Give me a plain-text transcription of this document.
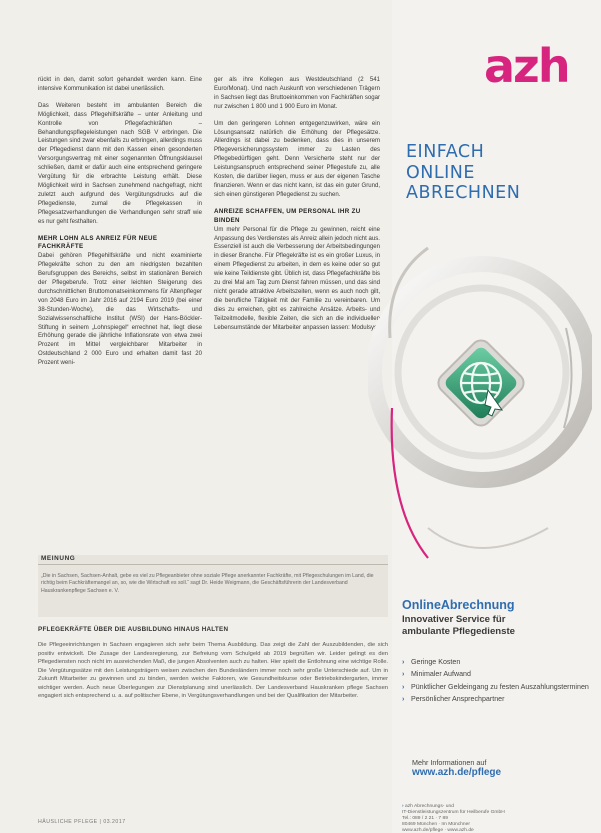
rückt in den, damit sofort gehandelt werden kann. Eine intensive Kommunikation ist dabei unerlässlich.

Das Weiteren besteht im ambulanten Bereich die Möglichkeit, dass Pflegehilfskräfte – unter Anleitung und Kontrolle von Pflegefachkräften – Behandlungspflegeleistungen nach SGB V erbringen. Die Leistungen sind zwar ebenfalls zu erbringen, allerdings muss der Pflegedienst dann mit den Kassen einen gesonderten Versorgungsvertrag mit einer sogenannten Öffnungsklausel schließen, damit er dafür auch eine entsprechend geringere Vergütung für die erbrachte Leistung erhält. Diese Möglichkeit wird in Sachsen zunehmend nachgefragt, nicht zuletzt auch aufgrund des Vergütungsdrucks auf die Pflegedienste, zumal die Pflegekassen in Pflegesatzverhandlungen die Verhandlungen sehr straff wie es nur geht festhalten.

MEHR LOHN ALS ANREIZ FÜR NEUE FACHKRÄFTE

Dabei gehören Pflegehilfskräfte und nicht examinierte Pflegekräfte schon zu den am niedrigsten bezahlten Berufsgruppen des Bereichs, selbst im stationären Bereich der Pflegeberufe. Trotz einer leichten Steigerung des durchschnittlichen Bruttomonatseinkommens für Altenpfleger von 2048 Euro im Jahr 2016 auf 2194 Euro 2019 (bei einer 38-Stunden-Woche), die das Wirtschafts- und Sozialwissenschaftliche Institut (WSI) der Hans-Böckler-Stiftung in seinem „Lohnspiegel“ errechnet hat, liegt diese Erhöhung gerade die jährliche Inflationsrate von etwa zwei Prozent im Mittel vergleichbarer Mitarbeiter in Ostdeutschland 2 000 Euro und erhalten damit fast 20 Prozent weni-

ger als ihre Kollegen aus Westdeutschland (2 541 Euro/Monat). Und nach Auskunft von verschiedenen Trägern in Sachsen liegt das Bruttoeinkommen von Fachkräften sogar nur zwischen 1 800 und 1 900 Euro im Monat.

Um den geringeren Lohnen entgegenzuwirken, wäre ein Lösungsansatz natürlich die Erhöhung der Pflegesätze. Allerdings ist dabei zu bedenken, dass dies in unserem Pflegeversicherungssystem immer zu Lasten des Pflegebedürftigen geht. Denn Versicherte steht nur der Leistungsanspruch entsprechend seiner Pflegestufe zu, alle Kosten, die darüber liegen, muss er aus der eigenen Tasche finanzieren. Wenn er das nicht kann, ist das ein guter Grund, sich einen günstigeren Pflegedienst zu suchen.

ANREIZE SCHAFFEN, UM PERSONAL IHR ZU BINDEN

Um mehr Personal für die Pflege zu gewinnen, reicht eine Anpassung des Verdienstes als Anreiz allein jedoch nicht aus. Essenziell ist auch die Verbesserung der Arbeitsbedingungen in dieser Branche. Für Pflegekräfte ist es ein großer Luxus, in einem Pflegedienst zu arbeiten, in dem es keine oder so gut wie keine Teildienste gibt. Üblich ist, dass Pflegefachkräfte bis zu drei Mal am Tag zum Dienst fahren müssen, und das sind nicht gerade attraktive Arbeitszeiten, wenn es auch noch gilt, die berufliche Tätigkeit mit der Familie zu vereinbaren. Um dies zu erreichen, gibt es zahlreiche Ansätze. Arbeits- und Teilzeitmodelle, flexible Zeiten, die sich an die individuellen Lebensumstände der Mitarbeiter anpassen lassen: Modulsys-

azh
EINFACH
ONLINE
ABRECHNEN
OnlineAbrechnung
Innovativer Service für
ambulante Pflegedienste
› Geringe Kosten
› Minimaler Aufwand
› Pünktlicher Geldeingang zu festen Auszahlungsterminen
› Persönlicher Ansprechpartner
Mehr Informationen auf
www.azh.de/pflege
› azh Abrechnungs- und
IT-Dienstleistungszentrum für Heilberufe GmbH
Tel.: 089 / 2 21 · 7 89
80469 München · Im Münchner
www.azh.de/pflege · www.azh.de
MEINUNG

„Die in Sachsen, Sachsen-Anhalt, gebe es viel zu Pflegeanbieter ohne soziale Pflege anerkannter Fachkräfte, mit Pflegeschulungen im Land, die richtig beim Fachkräftemangel an, so, wie die Wirtschaft es soll.“ sagt Dr. Heide Weigmann, die Geschäftsführerin der Landesverband Hauskrankenpflege Sachsen e. V.

PFLEGEKRÄFTE ÜBER DIE AUSBILDUNG HINAUS HALTEN

Die Pflegeeinrichtungen in Sachsen engagieren sich sehr beim Thema Ausbildung. Das zeigt die Zahl der Auszubildenden, die sich positiv entwickelt. Die Zusage der Landesregierung, zur Befreiung vom Schulgeld ab 2019 begrüßen wir. Leider gelingt es den Pflegediensten noch nicht im ausreichenden Maß, die jungen Absolventen auch zu halten. Hier spielt die Entlohnung eine wichtige Rolle. Die Vergütungssätze mit den Leistungsträgern weisen zwischen den Bundesländern immer noch sehr große Unterschiede auf. Um in Zukunft Mitarbeiter zu gewinnen und zu binden, werden weiche Faktoren, wie Gesundheitskurse oder Betriebskindergarten, immer wichtiger werden. Auch neue Überlegungen zur Dienstplanung sind unerlässlich. Der Landesverband Hauskranken pflege Sachsen engagiert sich entsprechend u. a. auf politischer Ebene, in Vergütungsverhandlungen und bei der Qualifikation der Mitarbeiter.

HÄUSLICHE PFLEGE | 03.2017
